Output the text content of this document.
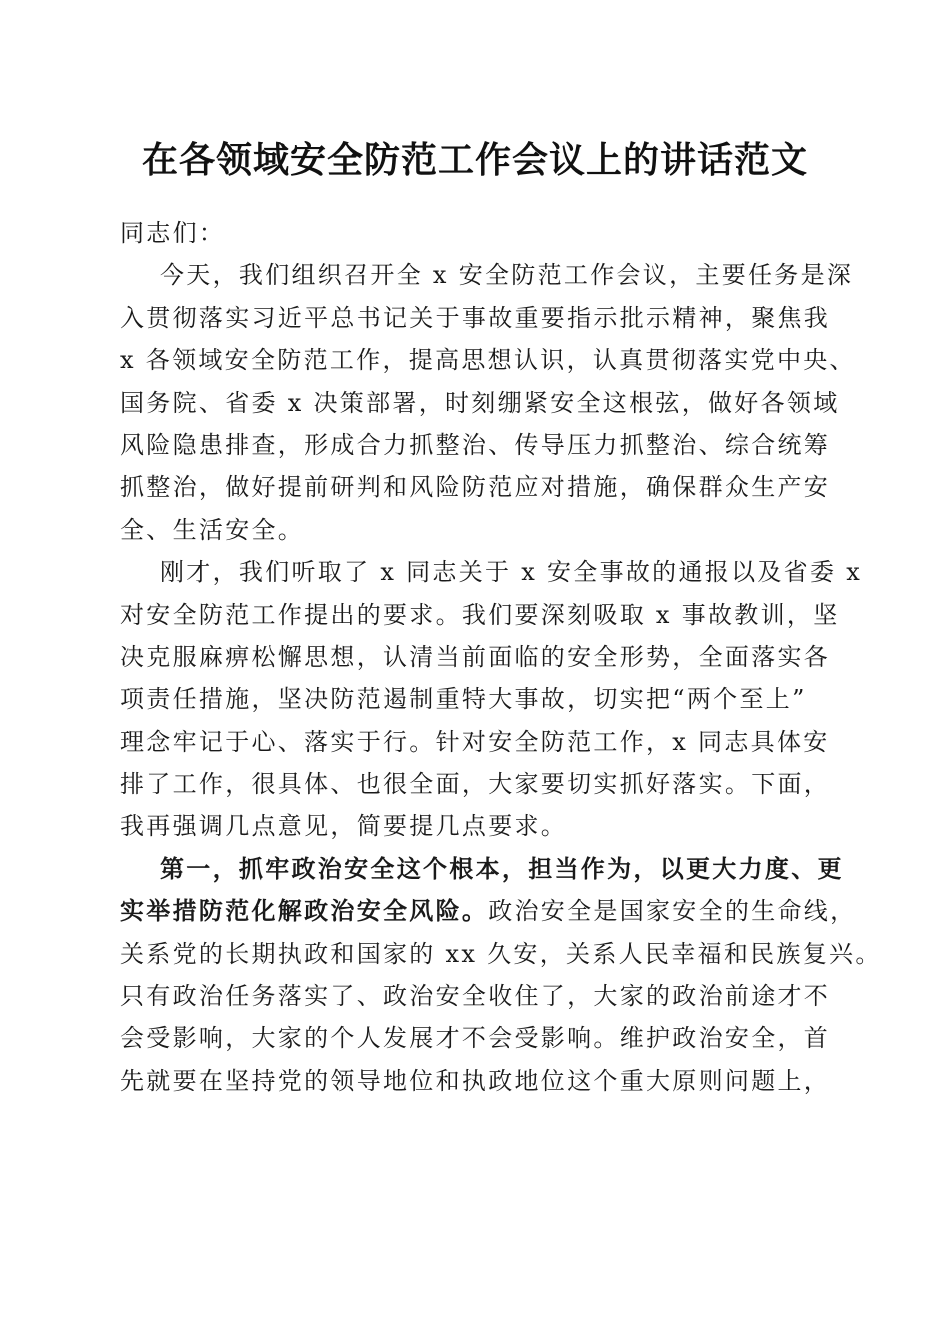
在各领域安全防范工作会议上的讲话范文
同志们：
今天，我们组织召开全 x 安全防范工作会议，主要任务是深
入贯彻落实习近平总书记关于事故重要指示批示精神，聚焦我
x 各领域安全防范工作，提高思想认识，认真贯彻落实党中央、
国务院、省委 x 决策部署，时刻绷紧安全这根弦，做好各领域
风险隐患排查，形成合力抓整治、传导压力抓整治、综合统筹
抓整治，做好提前研判和风险防范应对措施，确保群众生产安
全、生活安全。
刚才，我们听取了 x 同志关于 x 安全事故的通报以及省委 x
对安全防范工作提出的要求。我们要深刻吸取 x 事故教训，坚
决克服麻痹松懈思想，认清当前面临的安全形势，全面落实各
项责任措施，坚决防范遏制重特大事故，切实把“两个至上”
理念牢记于心、落实于行。针对安全防范工作，x 同志具体安
排了工作，很具体、也很全面，大家要切实抓好落实。下面，
我再强调几点意见，简要提几点要求。
第一，抓牢政治安全这个根本，担当作为，以更大力度、更
实举措防范化解政治安全风险。政治安全是国家安全的生命线，
关系党的长期执政和国家的 xx 久安，关系人民幸福和民族复兴。
只有政治任务落实了、政治安全收住了，大家的政治前途才不
会受影响，大家的个人发展才不会受影响。维护政治安全，首
先就要在坚持党的领导地位和执政地位这个重大原则问题上，
